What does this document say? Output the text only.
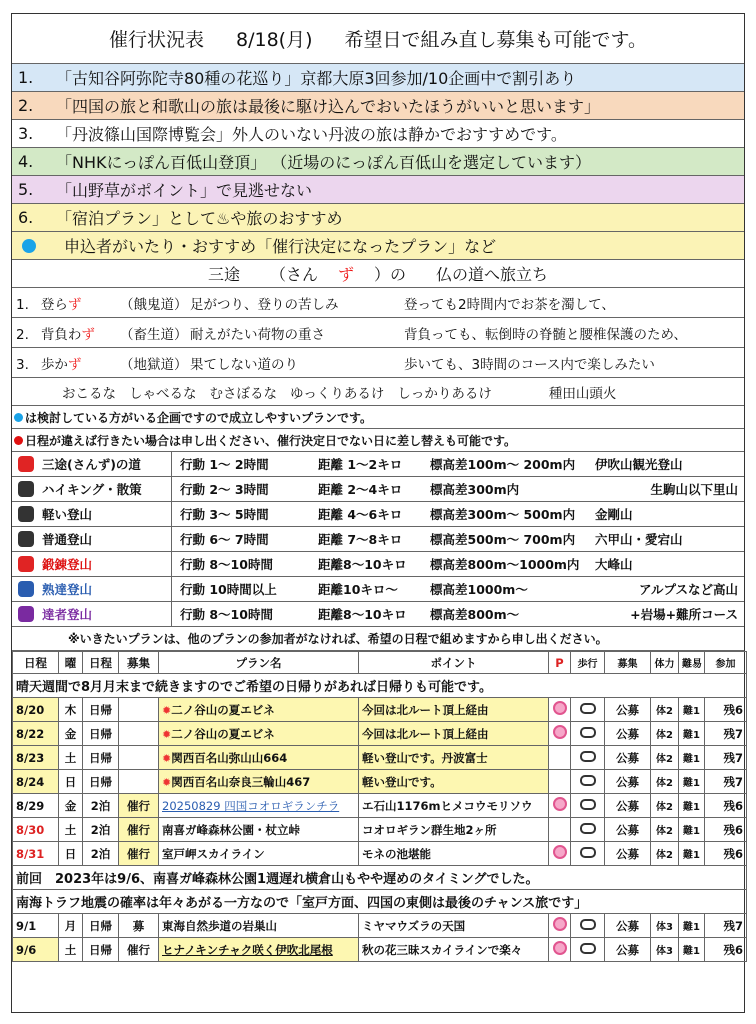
催行状況表 8/18(月) 希望日で組み直し募集も可能です。
1.	「古知谷阿弥陀寺80種の花巡り」京都大原3回参加/10企画中で割引あり
2.	「四国の旅と和歌山の旅は最後に駆け込んでおいたほうがいいと思います」
3.	「丹波篠山国際博覧会」外人のいない丹波の旅は静かでおすすめです。
4.	「NHKにっぽん百低山登頂」 （近場のにっぽん百低山を選定しています）
5.	「山野草がポイント」で見逃せない
6.	「宿泊プラン」として♨や旅のおすすめ
申込者がいたり・おすすめ「催行決定になったプラン」など
三途	（さん ず ）の	仏の道へ旅立ち
1. 登らず	（餓鬼道） 足がつり、登りの苦しみ	登っても2時間内でお茶を濁して、
2. 背負わず	（畜生道） 耐えがたい荷物の重さ	背負っても、転倒時の脊髄と腰椎保護のため、
3. 歩かず	（地獄道） 果てしない道のり	歩いても、3時間のコース内で楽しみたい
おこるな しゃべるな むさぼるな ゆっくりあるけ しっかりあるけ	種田山頭火
は検討している方がいる企画ですので成立しやすいプランです。
日程が違えば行きたい場合は申し出ください、催行決定日でない日に差し替えも可能です。
三途(さんず)の道	行動 1～ 2時間	距離 1～2キロ	標高差100m～ 200m内	伊吹山観光登山
ハイキング・散策	行動 2～ 3時間	距離 2～4キロ	標高差300m内	生駒山以下里山
軽い登山	行動 3～ 5時間	距離 4～6キロ	標高差300m～ 500m内	金剛山
普通登山	行動 6～ 7時間	距離 7～8キロ	標高差500m～ 700m内	六甲山・愛宕山
鍛錬登山	行動 8～10時間	距離8～10キロ	標高差800m～1000m内	大峰山
熟達登山	行動 10時間以上	距離10キロ～	標高差1000m～	アルプスなど高山
達者登山	行動 8～10時間	距離8～10キロ	標高差800m～	+岩場+難所コース
※いきたいプランは、他のプランの参加者がなければ、希望の日程で組めますから申し出ください。
日程	曜	日程	募集	プラン名	ポイント	P	歩行	募集	体力	難易	参加
晴天週間で8月月末まで続きますのでご希望の日帰りがあれば日帰りも可能です。											
8/20	木	日帰		✹二ノ谷山の夏エビネ	今回は北ルート頂上経由			公募	体2	難1	残6
8/22	金	日帰		✹二ノ谷山の夏エビネ	今回は北ルート頂上経由			公募	体2	難1	残7
8/23	土	日帰		✹関西百名山弥山山664	軽い登山です。丹波富士			公募	体2	難1	残7
8/24	日	日帰		✹関西百名山奈良三輪山467	軽い登山です。			公募	体2	難1	残7
8/29	金	2泊	催行	20250829 四国コオロギランチラ	エ石山1176mヒメコウモリソウ			公募	体2	難1	残6
8/30	土	2泊	催行	南喜ガ峰森林公園・杖立峠	コオロギラン群生地2ヶ所			公募	体2	難1	残6
8/31	日	2泊	催行	室戸岬スカイライン	モネの池堪能			公募	体2	難1	残6
前回　2023年は9/6、南喜ガ峰森林公園1週遅れ横倉山もやや遅めのタイミングでした。											
南海トラフ地震の確率は年々あがる一方なので「室戸方面、四国の東側は最後のチャンス旅です」											
9/1	月	日帰	募	東海自然歩道の岩巣山	ミヤマウズラの天国			公募	体3	難1	残7
9/6	土	日帰	催行	ヒナノキンチャク咲く伊吹北尾根	秋の花三昧スカイラインで楽々			公募	体3	難1	残6
